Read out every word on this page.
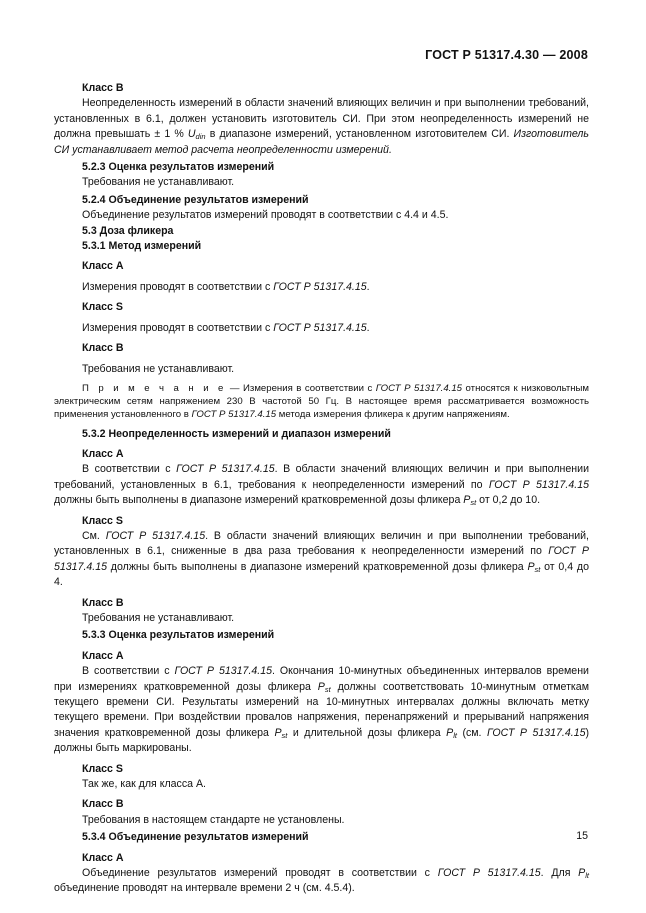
ГОСТ Р 51317.4.30 — 2008

Класс B

Неопределенность измерений в области значений влияющих величин и при выполнении требований, установленных в 6.1, должен установить изготовитель СИ. При этом неопределенность измерений не должна превышать ± 1 % $U_{din}$ в диапазоне измерений, установленном изготовителем СИ. Изготовитель СИ устанавливает метод расчета неопределенности измерений.

5.2.3 Оценка результатов измерений

Требования не устанавливают.

5.2.4 Объединение результатов измерений

Объединение результатов измерений проводят в соответствии с 4.4 и 4.5.

5.3 Доза фликера

5.3.1 Метод измерений

Класс A

Измерения проводят в соответствии с ГОСТ Р 51317.4.15.

Класс S

Измерения проводят в соответствии с ГОСТ Р 51317.4.15.

Класс B

Требования не устанавливают.

П р и м е ч а н и е — Измерения в соответствии с ГОСТ Р 51317.4.15 относятся к низковольтным электрическим сетям напряжением 230 В частотой 50 Гц. В настоящее время рассматривается возможность применения установленного в ГОСТ Р 51317.4.15 метода измерения фликера к другим напряжениям.

5.3.2 Неопределенность измерений и диапазон измерений

Класс A

В соответствии с ГОСТ Р 51317.4.15. В области значений влияющих величин и при выполнении требований, установленных в 6.1, требования к неопределенности измерений по ГОСТ Р 51317.4.15 должны быть выполнены в диапазоне измерений кратковременной дозы фликера $P_{st}$ от 0,2 до 10.

Класс S

См. ГОСТ Р 51317.4.15. В области значений влияющих величин и при выполнении требований, установленных в 6.1, сниженные в два раза требования к неопределенности измерений по ГОСТ Р 51317.4.15 должны быть выполнены в диапазоне измерений кратковременной дозы фликера $P_{st}$ от 0,4 до 4.

Класс B

Требования не устанавливают.

5.3.3 Оценка результатов измерений

Класс A

В соответствии с ГОСТ Р 51317.4.15. Окончания 10-минутных объединенных интервалов времени при измерениях кратковременной дозы фликера $P_{st}$ должны соответствовать 10-минутным отметкам текущего времени СИ. Результаты измерений на 10-минутных интервалах должны включать метку текущего времени. При воздействии провалов напряжения, перенапряжений и прерываний напряжения значения кратковременной дозы фликера $P_{st}$ и длительной дозы фликера $P_{lt}$ (см. ГОСТ Р 51317.4.15) должны быть маркированы.

Класс S

Так же, как для класса A.

Класс B

Требования в настоящем стандарте не установлены.

5.3.4 Объединение результатов измерений

Класс A

Объединение результатов измерений проводят в соответствии с ГОСТ Р 51317.4.15. Для $P_{lt}$ объединение проводят на интервале времени 2 ч (см. 4.5.4).

15
